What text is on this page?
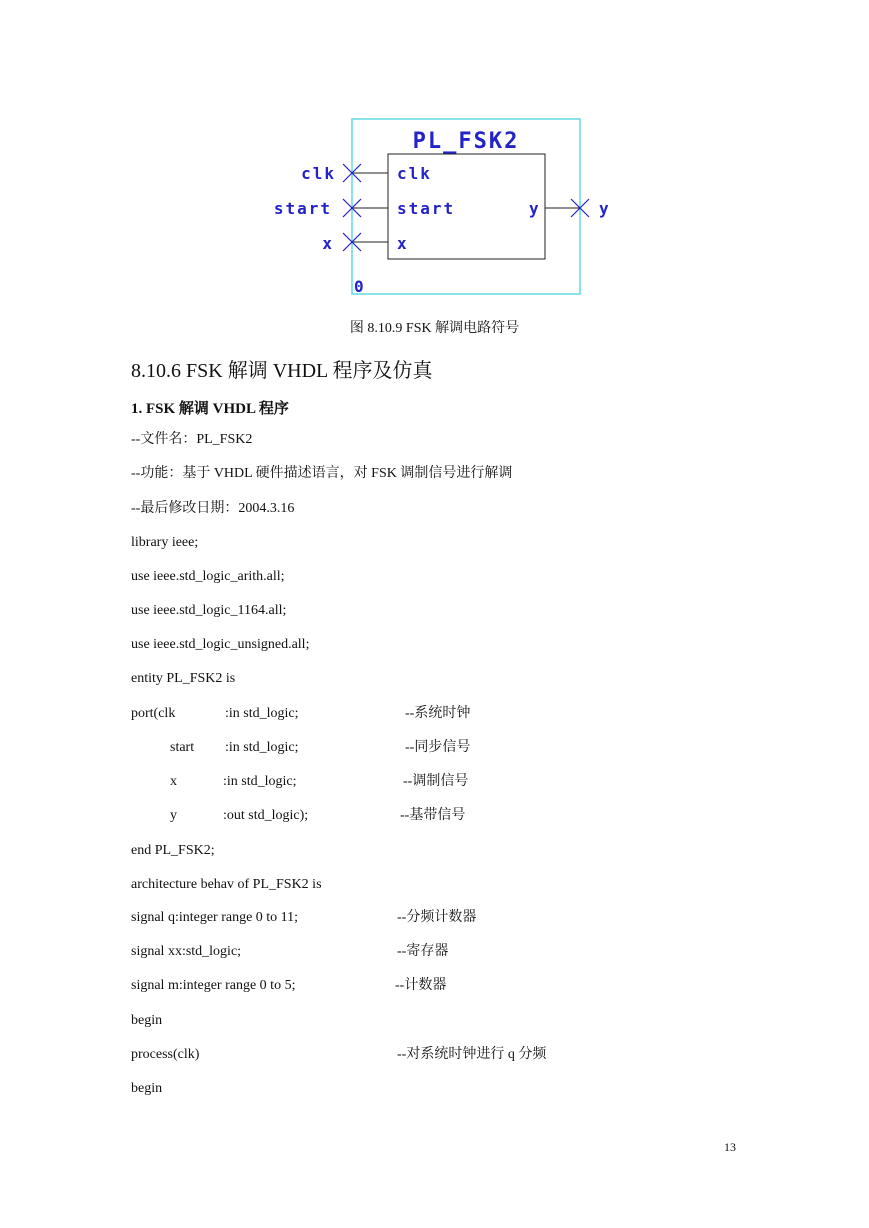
PL_FSK2
clk
start
x
y
clk
start
x
y
0
图 8.10.9 FSK 解调电路符号
8.10.6 FSK 解调 VHDL 程序及仿真
1. FSK 解调 VHDL 程序
--文件名：PL_FSK2
--功能：基于 VHDL 硬件描述语言，对 FSK 调制信号进行解调
--最后修改日期：2004.3.16
library ieee;
use ieee.std_logic_arith.all;
use ieee.std_logic_1164.all;
use ieee.std_logic_unsigned.all;
entity PL_FSK2 is
port(clk	:in std_logic;	--系统时钟
start :in std_logic;	--同步信号
x	:in std_logic;	--调制信号
y	:out std_logic);	--基带信号
end PL_FSK2;
architecture behav of PL_FSK2 is
signal q:integer range 0 to 11;	--分频计数器
signal xx:std_logic;	--寄存器
signal m:integer range 0 to 5;	--计数器
begin
process(clk)	--对系统时钟进行 q 分频
begin
13
